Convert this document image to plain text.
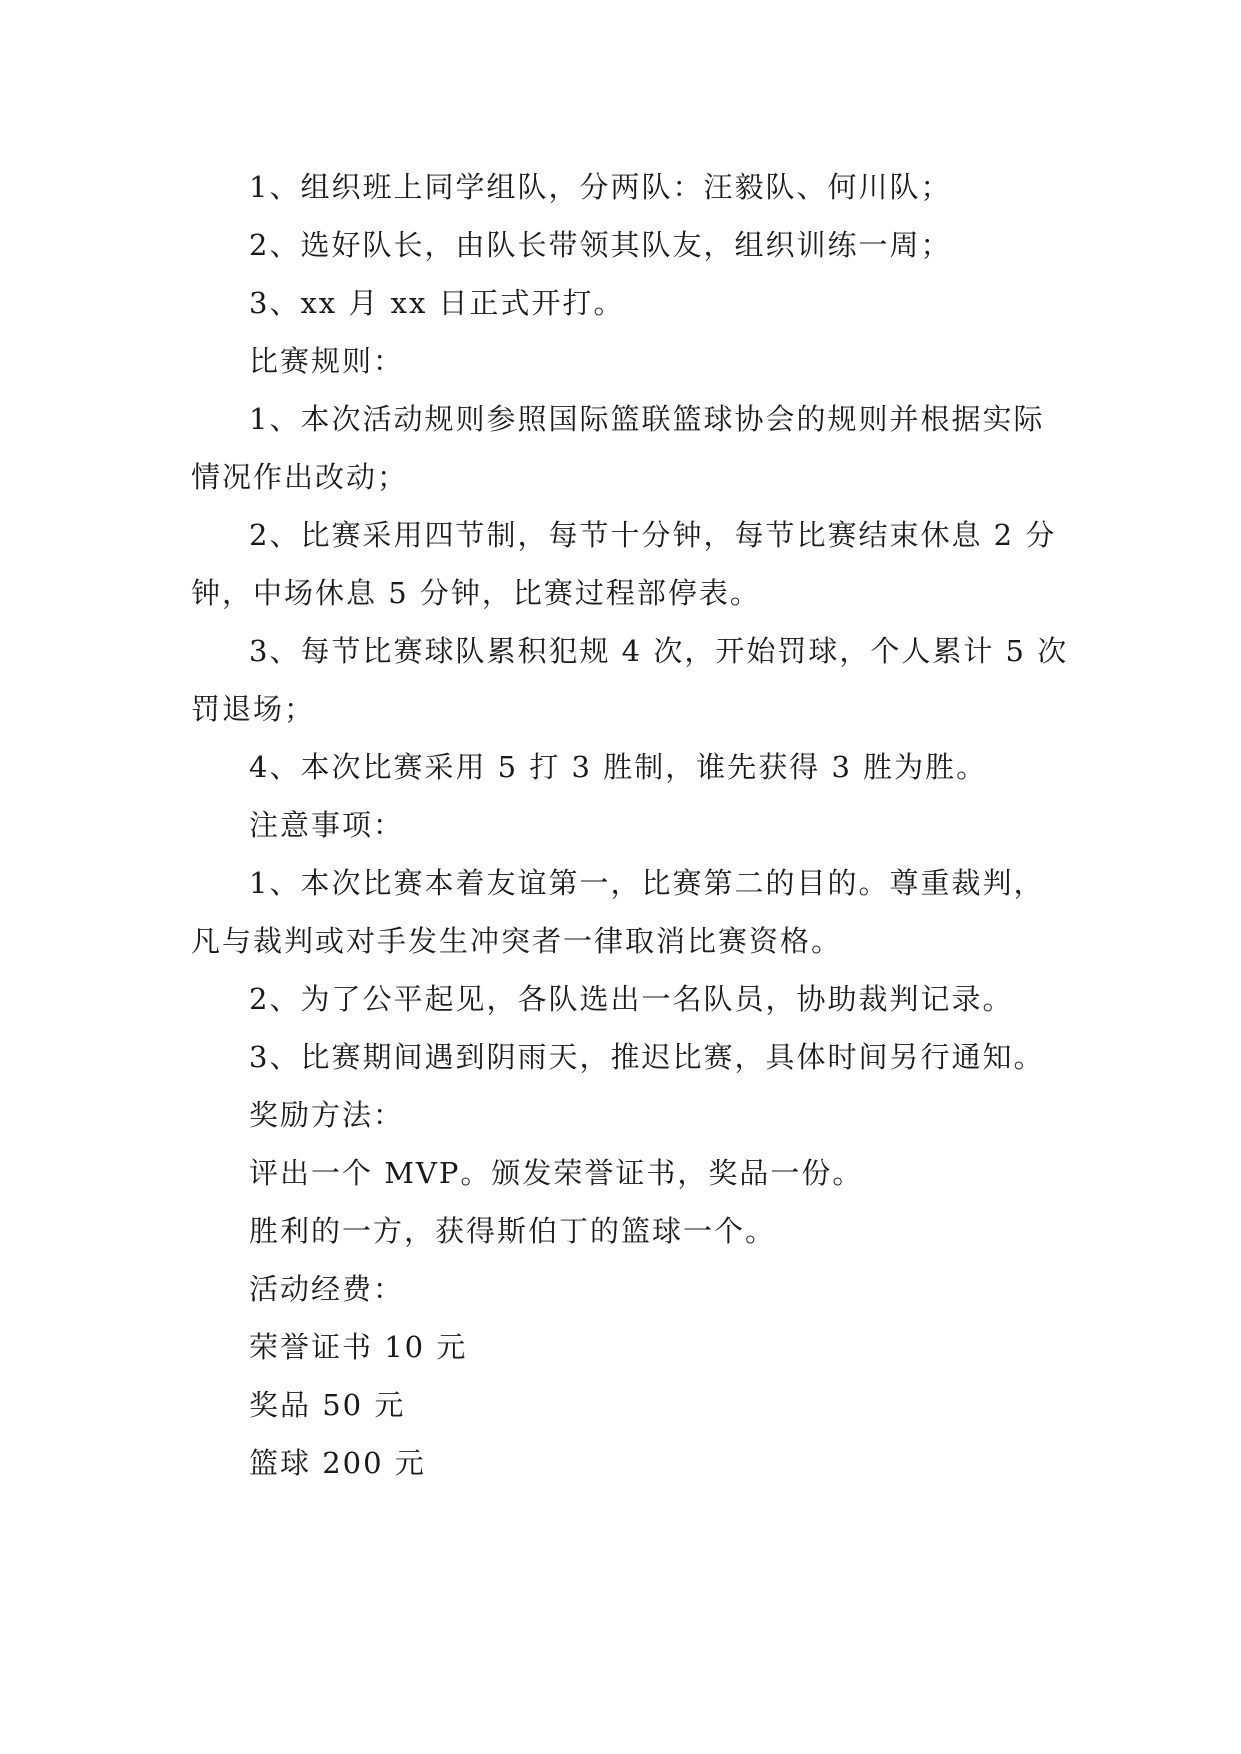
1、组织班上同学组队，分两队：汪毅队、何川队；

2、选好队长，由队长带领其队友，组织训练一周；

3、xx 月 xx 日正式开打。

比赛规则：

1、本次活动规则参照国际篮联篮球协会的规则并根据实际情况作出改动；

2、比赛采用四节制，每节十分钟，每节比赛结束休息 2 分钟，中场休息 5 分钟，比赛过程部停表。

3、每节比赛球队累积犯规 4 次，开始罚球，个人累计 5 次罚退场；

4、本次比赛采用 5 打 3 胜制，谁先获得 3 胜为胜。

注意事项：

1、本次比赛本着友谊第一，比赛第二的目的。尊重裁判，凡与裁判或对手发生冲突者一律取消比赛资格。

2、为了公平起见，各队选出一名队员，协助裁判记录。

3、比赛期间遇到阴雨天，推迟比赛，具体时间另行通知。

奖励方法：

评出一个 MVP。颁发荣誉证书，奖品一份。

胜利的一方，获得斯伯丁的篮球一个。

活动经费：

荣誉证书 10 元

奖品 50 元

篮球 200 元
